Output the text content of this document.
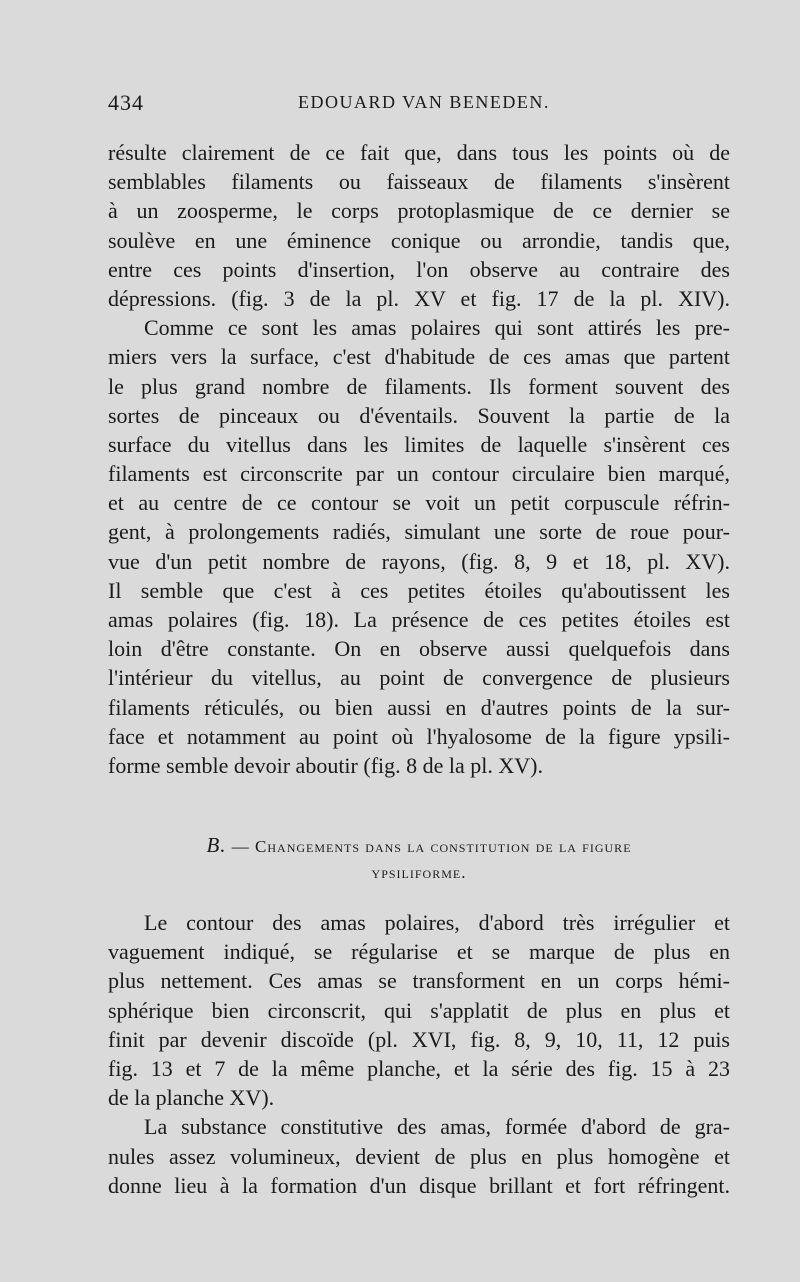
434	EDOUARD VAN BENEDEN.

résulte clairement de ce fait que, dans tous les points où de
semblables filaments ou faisseaux de filaments s'insèrent
à un zoosperme, le corps protoplasmique de ce dernier se
soulève en une éminence conique ou arrondie, tandis que,
entre ces points d'insertion, l'on observe au contraire des
dépressions. (fig. 3 de la pl. XV et fig. 17 de la pl. XIV).
Comme ce sont les amas polaires qui sont attirés les pre-
miers vers la surface, c'est d'habitude de ces amas que partent
le plus grand nombre de filaments. Ils forment souvent des
sortes de pinceaux ou d'éventails. Souvent la partie de la
surface du vitellus dans les limites de laquelle s'insèrent ces
filaments est circonscrite par un contour circulaire bien marqué,
et au centre de ce contour se voit un petit corpuscule réfrin-
gent, à prolongements radiés, simulant une sorte de roue pour-
vue d'un petit nombre de rayons, (fig. 8, 9 et 18, pl. XV).
Il semble que c'est à ces petites étoiles qu'aboutissent les
amas polaires (fig. 18). La présence de ces petites étoiles est
loin d'être constante. On en observe aussi quelquefois dans
l'intérieur du vitellus, au point de convergence de plusieurs
filaments réticulés, ou bien aussi en d'autres points de la sur-
face et notamment au point où l'hyalosome de la figure ypsili-
forme semble devoir aboutir (fig. 8 de la pl. XV).
B. — Changements dans la constitution de la figure
ypsiliforme.
Le contour des amas polaires, d'abord très irrégulier et
vaguement indiqué, se régularise et se marque de plus en
plus nettement. Ces amas se transforment en un corps hémi-
sphérique bien circonscrit, qui s'applatit de plus en plus et
finit par devenir discoïde (pl. XVI, fig. 8, 9, 10, 11, 12 puis
fig. 13 et 7 de la même planche, et la série des fig. 15 à 23
de la planche XV).
La substance constitutive des amas, formée d'abord de gra-
nules assez volumineux, devient de plus en plus homogène et
donne lieu à la formation d'un disque brillant et fort réfringent.
